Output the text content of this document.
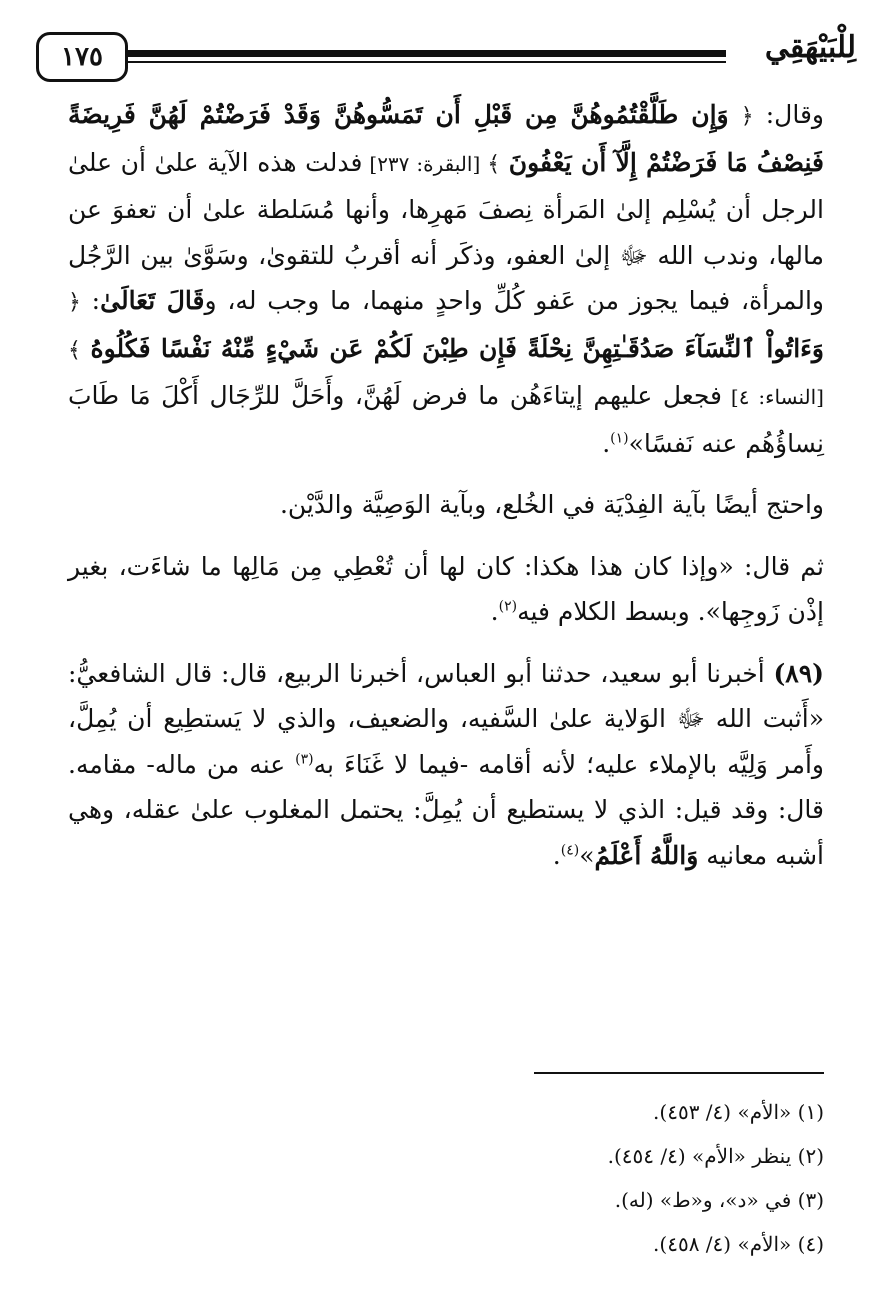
١٧٥	لِلْبَيْهَقِي

وقال: ﴿ وَإِن طَلَّقْتُمُوهُنَّ مِن قَبْلِ أَن تَمَسُّوهُنَّ وَقَدْ فَرَضْتُمْ لَهُنَّ فَرِيضَةً فَنِصْفُ مَا فَرَضْتُمْ إِلَّآ أَن يَعْفُونَ ﴾ [البقرة: ٢٣٧] فدلت هذه الآية علىٰ أن علىٰ الرجل أن يُسْلِم إلىٰ المَرأة نِصفَ مَهرِها، وأنها مُسَلطة علىٰ أن تعفوَ عن مالها، وندب الله ﷻ إلىٰ العفو، وذكَر أنه أقربُ للتقوىٰ، وسَوَّىٰ بين الرَّجُل والمرأة، فيما يجوز من عَفو كُلِّ واحدٍ منهما، ما وجب له، وقَالَ تَعَالَىٰ: ﴿ وَءَاتُواْ ٱلنِّسَآءَ صَدُقَـٰتِهِنَّ نِحْلَةً فَإِن طِبْنَ لَكُمْ عَن شَيْءٍ مِّنْهُ نَفْسًا فَكُلُوهُ ﴾ [النساء: ٤] فجعل عليهم إيتاءَهُن ما فرض لَهُنَّ، وأَحَلَّ للرِّجَال أَكْلَ مَا طَابَ نِساؤُهُم عنه نَفسًا»$^{(١)}$.

واحتج أيضًا بآية الفِدْيَة في الخُلع، وبآية الوَصِيَّة والدَّيْن.

ثم قال: «وإذا كان هذا هكذا: كان لها أن تُعْطِي مِن مَالِها ما شاءَت، بغير إذْن زَوجِها». وبسط الكلام فيه$^{(٢)}$.

(٨٩) أخبرنا أبو سعيد، حدثنا أبو العباس، أخبرنا الربيع، قال: قال الشافعيُّ: «أَثبت الله ﷻ الوَلاية علىٰ السَّفيه، والضعيف، والذي لا يَستطِيع أن يُمِلَّ، وأَمر وَلِيَّه بالإملاء عليه؛ لأنه أقامه -فيما لا غَنَاءَ به$^{(٣)}$ عنه من ماله- مقامه. قال: وقد قيل: الذي لا يستطيع أن يُمِلَّ: يحتمل المغلوب علىٰ عقله، وهي أشبه معانيه وَاللَّهُ أَعْلَمُ»$^{(٤)}$.

(١) «الأم» (٤/ ٤٥٣).
(٢) ينظر «الأم» (٤/ ٤٥٤).
(٣) في «د»، و«ط» (له).
(٤) «الأم» (٤/ ٤٥٨).
